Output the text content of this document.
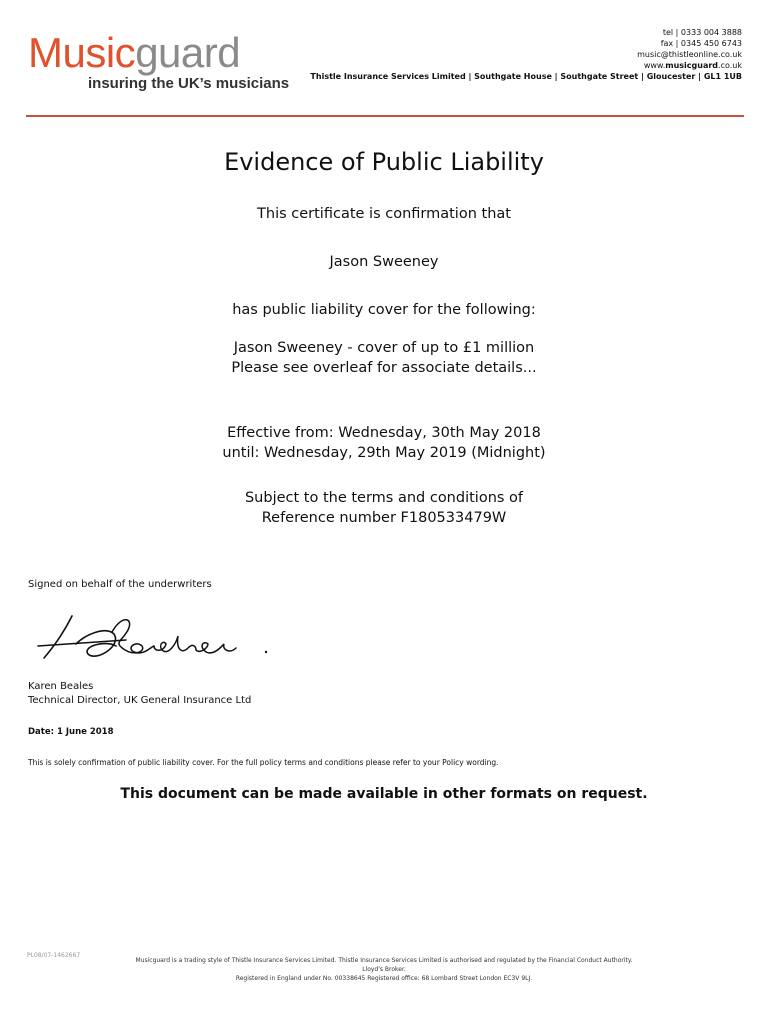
Musicguard
insuring the UK’s musicians
tel | 0333 004 3888
fax | 0345 450 6743
music@thistleonline.co.uk
www.musicguard.co.uk
Thistle Insurance Services Limited | Southgate House | Southgate Street | Gloucester | GL1 1UB
Evidence of Public Liability
This certificate is confirmation that
Jason Sweeney
has public liability cover for the following:
Jason Sweeney - cover of up to £1 million
Please see overleaf for associate details...
Effective from: Wednesday, 30th May 2018
until: Wednesday, 29th May 2019 (Midnight)
Subject to the terms and conditions of
Reference number F180533479W
Signed on behalf of the underwriters
Karen Beales
Technical Director, UK General Insurance Ltd
Date: 1 June 2018
This is solely confirmation of public liability cover. For the full policy terms and conditions please refer to your Policy wording.
This document can be made available in other formats on request.
PL08/07-1462667
Musicguard is a trading style of Thistle Insurance Services Limited. Thistle Insurance Services Limited is authorised and regulated by the Financial Conduct Authority. Lloyd's Broker.
Registered in England under No. 00338645 Registered office: 68 Lombard Street London EC3V 9LJ.
